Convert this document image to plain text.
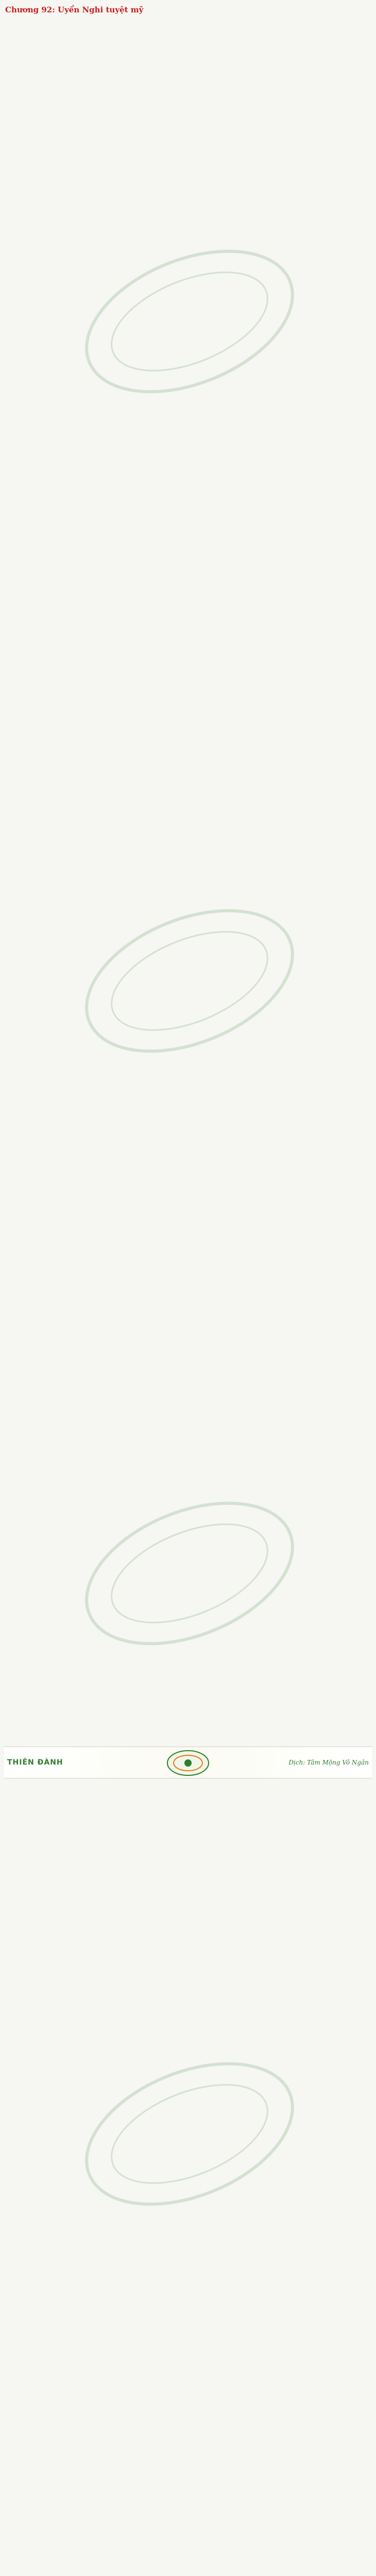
Chương 92: Uyển Nghi tuyệt mỹ

THIÊN ĐÀNH	Dịch: Tâm Mộng Vô Ngân
